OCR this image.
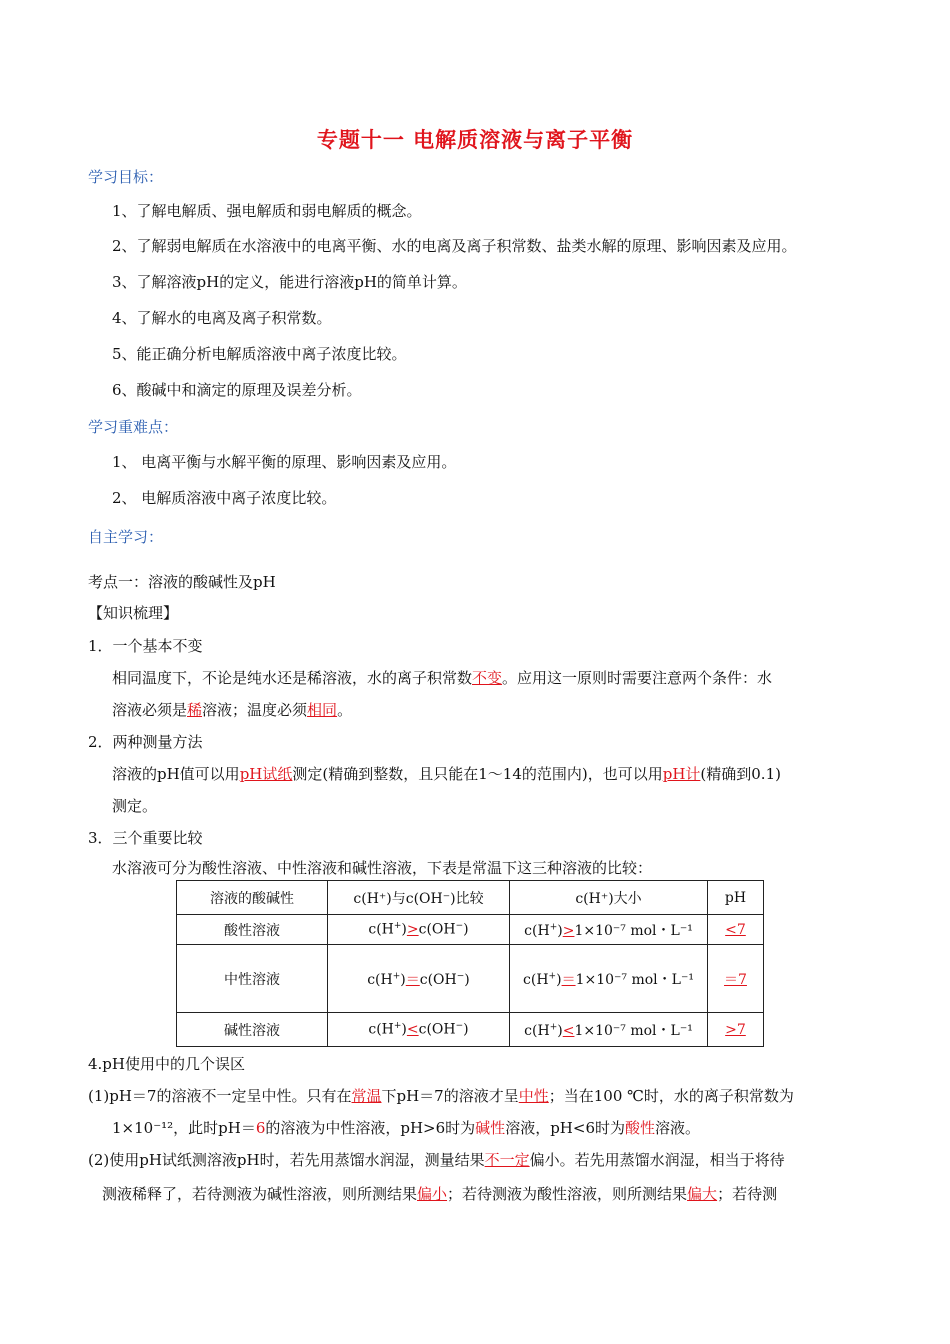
专题十一 电解质溶液与离子平衡
学习目标：
1、了解电解质、强电解质和弱电解质的概念。
2、了解弱电解质在水溶液中的电离平衡、水的电离及离子积常数、盐类水解的原理、影响因素及应用。
3、了解溶液pH的定义，能进行溶液pH的简单计算。
4、了解水的电离及离子积常数。
5、能正确分析电解质溶液中离子浓度比较。
6、酸碱中和滴定的原理及误差分析。
学习重难点：
1、 电离平衡与水解平衡的原理、影响因素及应用。
2、 电解质溶液中离子浓度比较。
自主学习：
考点一：溶液的酸碱性及pH
【知识梳理】
1．一个基本不变
相同温度下，不论是纯水还是稀溶液，水的离子积常数不变。应用这一原则时需要注意两个条件：水
溶液必须是稀溶液；温度必须相同。
2．两种测量方法
溶液的pH值可以用pH试纸测定(精确到整数，且只能在1～14的范围内)，也可以用pH计(精确到0.1)
测定。
3．三个重要比较
水溶液可分为酸性溶液、中性溶液和碱性溶液，下表是常温下这三种溶液的比较：
溶液的酸碱性	c(H⁺)与c(OH⁻)比较	c(H⁺)大小	pH
酸性溶液	c(H+)>c(OH−)	c(H+)>1×10⁻⁷ mol・L⁻¹	<7
中性溶液	c(H+)＝c(OH−)	c(H+)＝1×10⁻⁷ mol・L⁻¹	＝7
碱性溶液	c(H+)<c(OH−)	c(H+)<1×10⁻⁷ mol・L⁻¹	>7
4.pH使用中的几个误区
(1)pH＝7的溶液不一定呈中性。只有在常温下pH＝7的溶液才呈中性；当在100 ℃时，水的离子积常数为
1×10⁻¹²，此时pH＝6的溶液为中性溶液，pH>6时为碱性溶液，pH<6时为酸性溶液。
(2)使用pH试纸测溶液pH时，若先用蒸馏水润湿，测量结果不一定偏小。若先用蒸馏水润湿，相当于将待
测液稀释了，若待测液为碱性溶液，则所测结果偏小；若待测液为酸性溶液，则所测结果偏大；若待测
